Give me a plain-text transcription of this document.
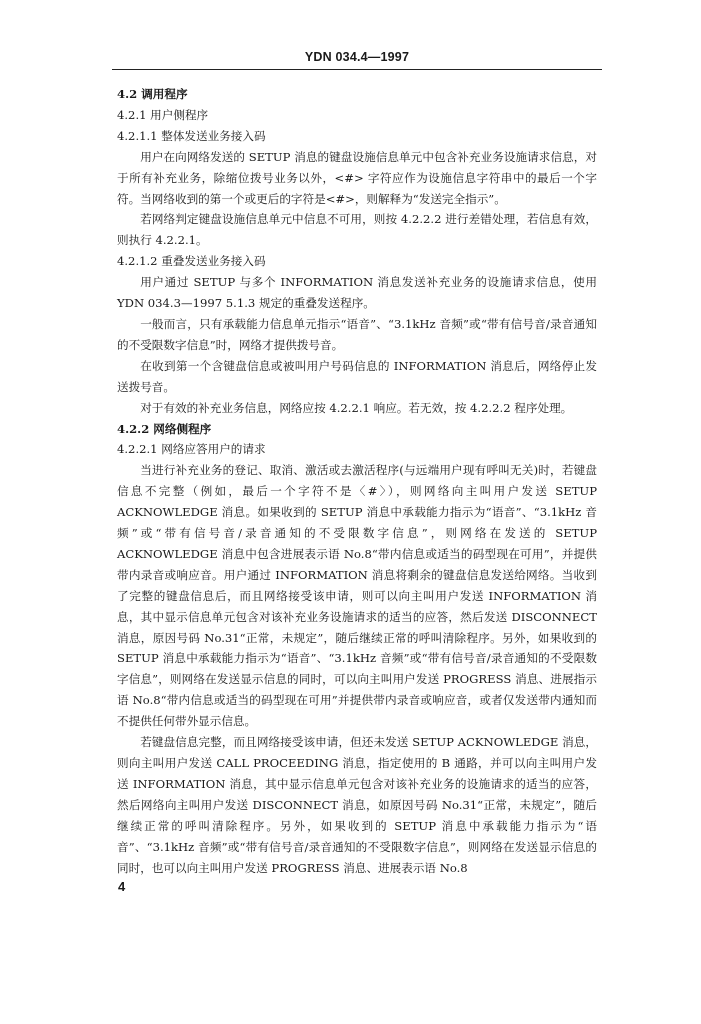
YDN 034.4—1997

4.2 调用程序

4.2.1 用户侧程序

4.2.1.1 整体发送业务接入码

用户在向网络发送的 SETUP 消息的键盘设施信息单元中包含补充业务设施请求信息，对于所有补充业务，除缩位拨号业务以外，<#> 字符应作为设施信息字符串中的最后一个字符。当网络收到的第一个或更后的字符是<#>，则解释为“发送完全指示”。

若网络判定键盘设施信息单元中信息不可用，则按 4.2.2.2 进行差错处理，若信息有效，则执行 4.2.2.1。

4.2.1.2 重叠发送业务接入码

用户通过 SETUP 与多个 INFORMATION 消息发送补充业务的设施请求信息，使用 YDN 034.3—1997 5.1.3 规定的重叠发送程序。

一般而言，只有承载能力信息单元指示“语音”、“3.1kHz 音频”或“带有信号音/录音通知的不受限数字信息”时，网络才提供拨号音。

在收到第一个含键盘信息或被叫用户号码信息的 INFORMATION 消息后，网络停止发送拨号音。

对于有效的补充业务信息，网络应按 4.2.2.1 响应。若无效，按 4.2.2.2 程序处理。

4.2.2 网络侧程序

4.2.2.1 网络应答用户的请求

当进行补充业务的登记、取消、激活或去激活程序(与远端用户现有呼叫无关)时，若键盘信息不完整（例如，最后一个字符不是〈#〉），则网络向主叫用户发送 SETUP ACKNOWLEDGE 消息。如果收到的 SETUP 消息中承载能力指示为“语音”、“3.1kHz 音频”或“带有信号音/录音通知的不受限数字信息”，则网络在发送的 SETUP ACKNOWLEDGE 消息中包含进展表示语 No.8“带内信息或适当的码型现在可用”，并提供带内录音或响应音。用户通过 INFORMATION 消息将剩余的键盘信息发送给网络。当收到了完整的键盘信息后，而且网络接受该申请，则可以向主叫用户发送 INFORMATION 消息，其中显示信息单元包含对该补充业务设施请求的适当的应答，然后发送 DISCONNECT 消息，原因号码 No.31“正常，未规定”，随后继续正常的呼叫清除程序。另外，如果收到的 SETUP 消息中承载能力指示为“语音”、“3.1kHz 音频”或“带有信号音/录音通知的不受限数字信息”，则网络在发送显示信息的同时，可以向主叫用户发送 PROGRESS 消息、进展指示语 No.8“带内信息或适当的码型现在可用”并提供带内录音或响应音，或者仅发送带内通知而不提供任何带外显示信息。

若键盘信息完整，而且网络接受该申请，但还未发送 SETUP ACKNOWLEDGE 消息，则向主叫用户发送 CALL PROCEEDING 消息，指定使用的 B 通路，并可以向主叫用户发送 INFORMATION 消息，其中显示信息单元包含对该补充业务的设施请求的适当的应答，然后网络向主叫用户发送 DISCONNECT 消息，如原因号码 No.31“正常，未规定”，随后继续正常的呼叫清除程序。另外，如果收到的 SETUP 消息中承载能力指示为“语音”、“3.1kHz 音频”或“带有信号音/录音通知的不受限数字信息”，则网络在发送显示信息的同时，也可以向主叫用户发送 PROGRESS 消息、进展表示语 No.8

4
